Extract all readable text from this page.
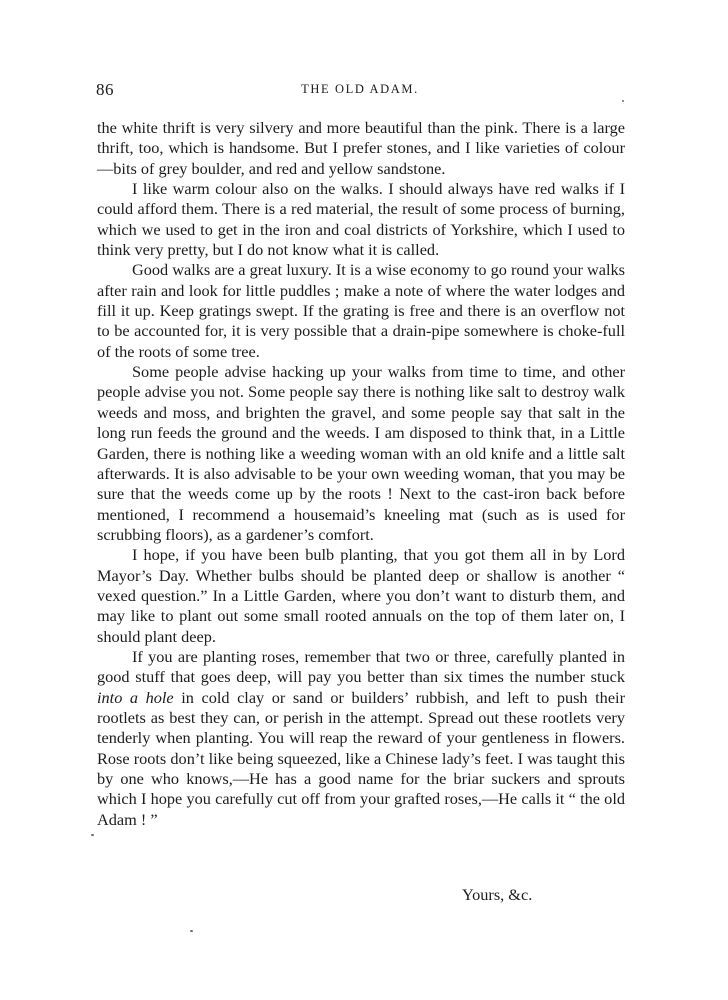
86	THE OLD ADAM.

the white thrift is very silvery and more beautiful than the pink. There is a large thrift, too, which is handsome. But I prefer stones, and I like varieties of colour—bits of grey boulder, and red and yellow sandstone.

I like warm colour also on the walks. I should always have red walks if I could afford them. There is a red material, the result of some process of burning, which we used to get in the iron and coal districts of Yorkshire, which I used to think very pretty, but I do not know what it is called.

Good walks are a great luxury. It is a wise economy to go round your walks after rain and look for little puddles ; make a note of where the water lodges and fill it up. Keep gratings swept. If the grating is free and there is an overflow not to be accounted for, it is very possible that a drain-pipe somewhere is choke-full of the roots of some tree.

Some people advise hacking up your walks from time to time, and other people advise you not. Some people say there is nothing like salt to destroy walk weeds and moss, and brighten the gravel, and some people say that salt in the long run feeds the ground and the weeds. I am disposed to think that, in a Little Garden, there is nothing like a weeding woman with an old knife and a little salt afterwards. It is also advisable to be your own weeding woman, that you may be sure that the weeds come up by the roots ! Next to the cast-iron back before mentioned, I recommend a housemaid’s kneeling mat (such as is used for scrubbing floors), as a gardener’s comfort.

I hope, if you have been bulb planting, that you got them all in by Lord Mayor’s Day. Whether bulbs should be planted deep or shallow is another “ vexed question.” In a Little Garden, where you don’t want to disturb them, and may like to plant out some small rooted annuals on the top of them later on, I should plant deep.

If you are planting roses, remember that two or three, carefully planted in good stuff that goes deep, will pay you better than six times the number stuck into a hole in cold clay or sand or builders’ rubbish, and left to push their rootlets as best they can, or perish in the attempt. Spread out these rootlets very tenderly when planting. You will reap the reward of your gentleness in flowers. Rose roots don’t like being squeezed, like a Chinese lady’s feet. I was taught this by one who knows,—He has a good name for the briar suckers and sprouts which I hope you carefully cut off from your grafted roses,—He calls it “ the old Adam ! ”

Yours, &c.
